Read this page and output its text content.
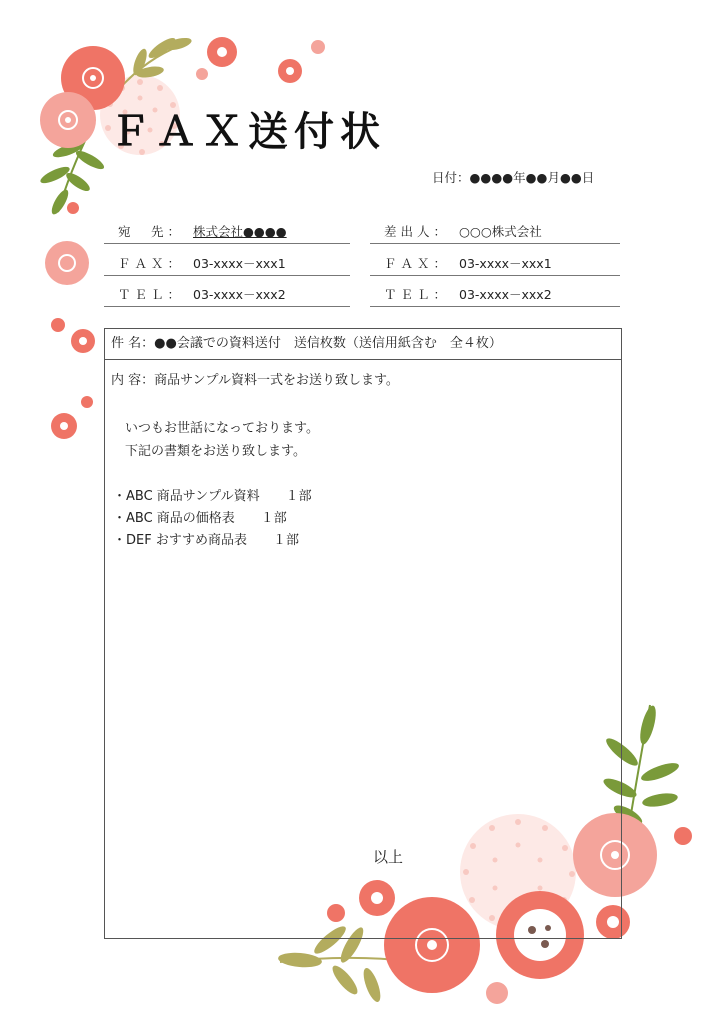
ＦＡＸ送付状
日付：●●●●年●●月●●日
宛　先： 株式会社●●●●
ＦＡＸ： 03-xxxx－xxx1
ＴＥＬ： 03-xxxx－xxx2
差出人： ○○○株式会社
ＦＡＸ： 03-xxxx－xxx1
ＴＥＬ： 03-xxxx－xxx2
件 名：●●会議での資料送付　送信枚数（送信用紙含む　全４枚）
内 容：商品サンプル資料一式をお送り致します。
いつもお世話になっております。
下記の書類をお送り致します。
・ABC 商品サンプル資料　　１部
・ABC 商品の価格表　　１部
・DEF おすすめ商品表　　１部
以上
